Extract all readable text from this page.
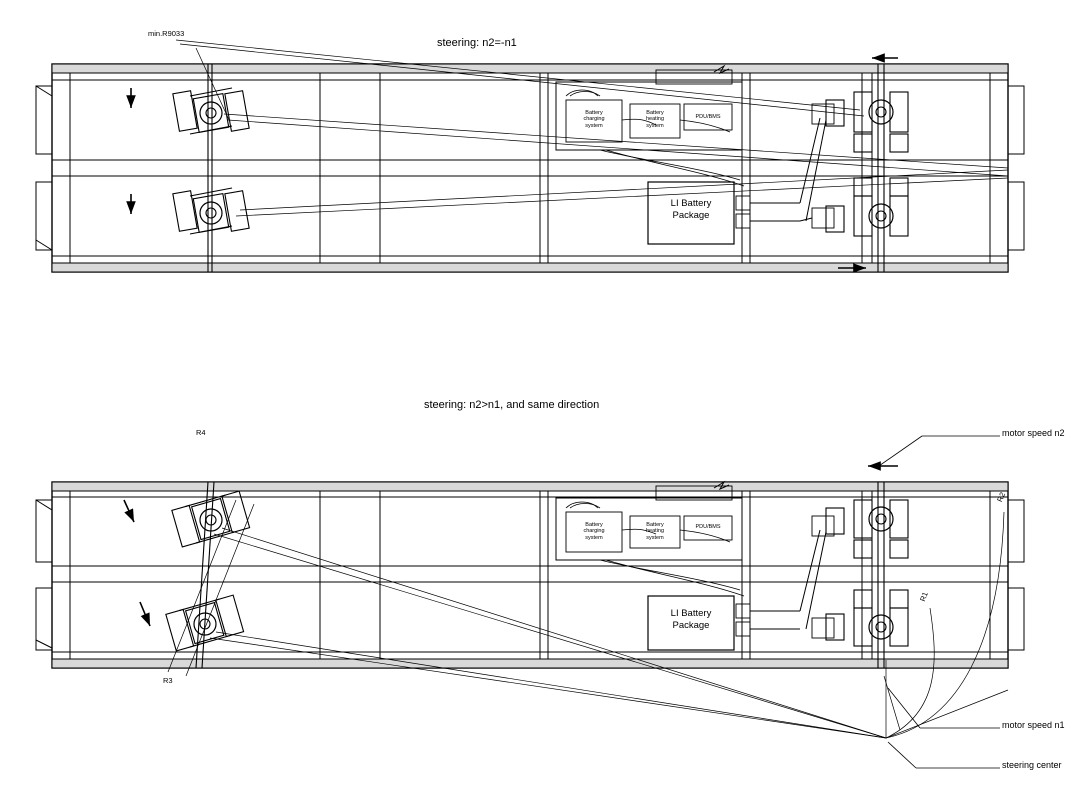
steering: n2=-n1
min.R9033
Battery
charging
system
Battery
heating
system
PDU/BMS
LI Battery
Package
steering: n2>n1, and same direction
R4
R3
R2
R1
Battery
charging
system
Battery
heating
system
PDU/BMS
LI Battery
Package
motor speed n2
motor speed n1
steering center
